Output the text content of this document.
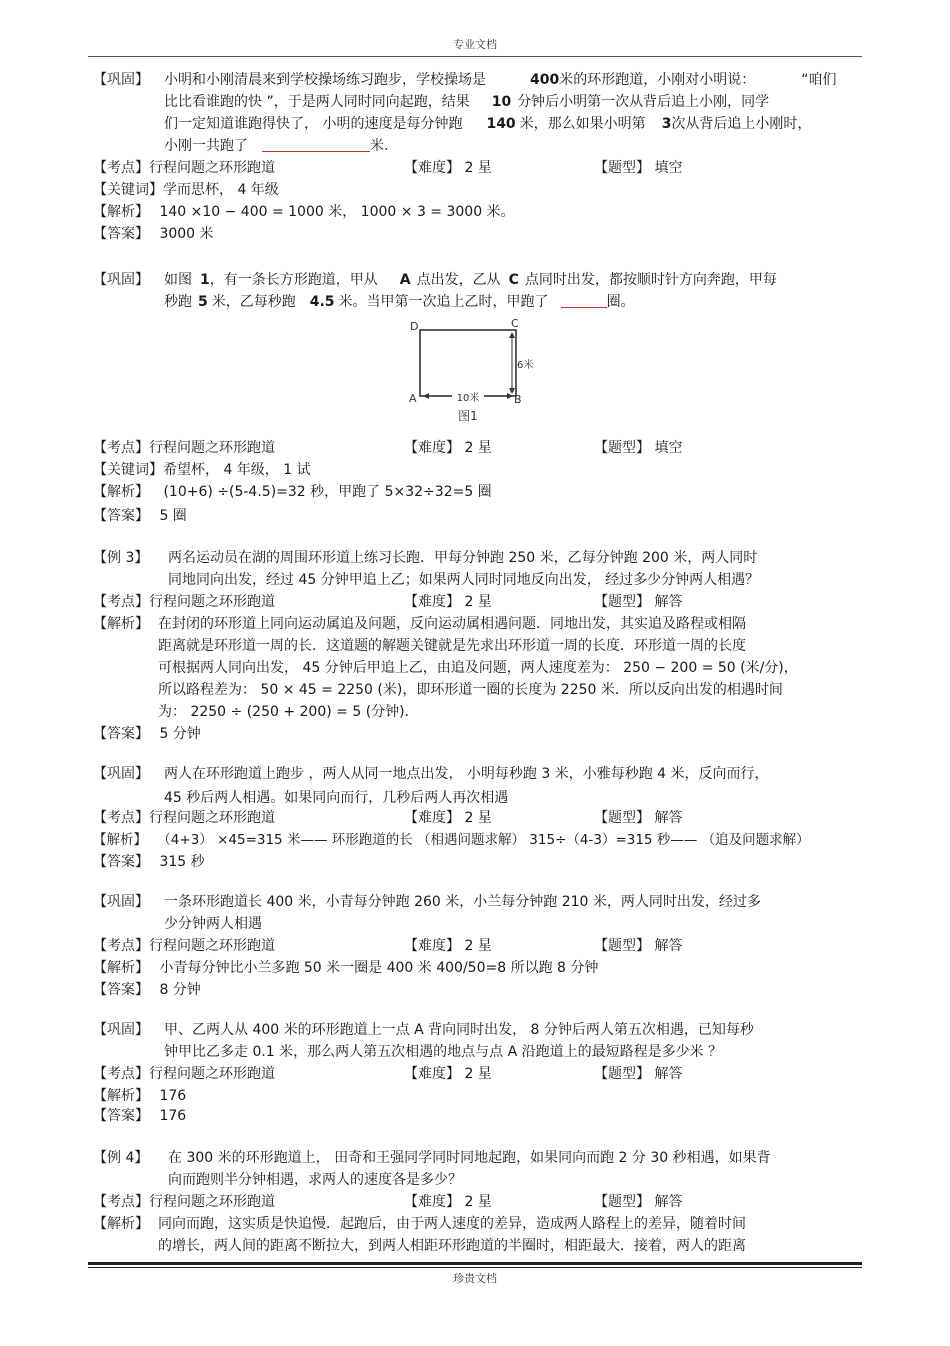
专业文档
【巩固】 小明和小刚清晨来到学校操场练习跑步，学校操场是	400米的环形跑道，小刚对小明说：	“咱们
比比看谁跑的快 ”，于是两人同时同向起跑，结果 10 分钟后小明第一次从背后追上小刚，同学
们一定知道谁跑得快了， 小明的速度是每分钟跑 140 米，那么如果小明第 3次从背后追上小刚时，
小刚一共跑了	米.
【考点】行程问题之环形跑道	【难度】 2 星	【题型】 填空
【关键词】学而思杯， 4 年级
【解析】 140 ×10 − 400 = 1000 米， 1000 × 3 = 3000 米。
【答案】 3000 米
【巩固】 如图 1，有一条长方形跑道，甲从 A 点出发，乙从 C 点同时出发，都按顺时针方向奔跑，甲每
秒跑 5 米，乙每秒跑 4.5 米。当甲第一次追上乙时，甲跑了	圈。
D	C
A	B
6米
10米
图1
【考点】行程问题之环形跑道	【难度】 2 星	【题型】 填空
【关键词】希望杯， 4 年级， 1 试
【解析】 (10+6) ÷(5-4.5)=32 秒，甲跑了 5×32÷32=5 圈
【答案】 5 圈
【例 3】 两名运动员在湖的周围环形道上练习长跑．甲每分钟跑 250 米，乙每分钟跑 200 米，两人同时
同地同向出发，经过 45 分钟甲追上乙；如果两人同时同地反向出发， 经过多少分钟两人相遇？
【考点】行程问题之环形跑道	【难度】 2 星	【题型】 解答
【解析】 在封闭的环形道上同向运动属追及问题，反向运动属相遇问题．同地出发，其实追及路程或相隔
距离就是环形道一周的长．这道题的解题关键就是先求出环形道一周的长度．环形道一周的长度
可根据两人同向出发， 45 分钟后甲追上乙，由追及问题，两人速度差为： 250 − 200 = 50 (米/分)，
所以路程差为： 50 × 45 = 2250 (米)，即环形道一圈的长度为 2250 米．所以反向出发的相遇时间
为： 2250 ÷ (250 + 200) = 5 (分钟)．
【答案】 5 分钟
【巩固】 两人在环形跑道上跑步 ，两人从同一地点出发， 小明每秒跑 3 米，小雅每秒跑 4 米，反向而行，
45 秒后两人相遇。如果同向而行，几秒后两人再次相遇
【考点】行程问题之环形跑道	【难度】 2 星	【题型】 解答
【解析】 （4+3） ×45=315 米—— 环形跑道的长 （相遇问题求解） 315÷（4-3）=315 秒—— （追及问题求解）
【答案】 315 秒
【巩固】 一条环形跑道长 400 米，小青每分钟跑 260 米，小兰每分钟跑 210 米，两人同时出发，经过多
少分钟两人相遇
【考点】行程问题之环形跑道	【难度】 2 星	【题型】 解答
【解析】 小青每分钟比小兰多跑 50 米一圈是 400 米 400/50=8 所以跑 8 分钟
【答案】 8 分钟
【巩固】 甲、乙两人从 400 米的环形跑道上一点 A 背向同时出发， 8 分钟后两人第五次相遇，已知每秒
钟甲比乙多走 0.1 米，那么两人第五次相遇的地点与点 A 沿跑道上的最短路程是多少米 ？
【考点】行程问题之环形跑道	【难度】 2 星	【题型】 解答
【解析】 176
【答案】 176
【例 4】 在 300 米的环形跑道上， 田奇和王强同学同时同地起跑，如果同向而跑 2 分 30 秒相遇，如果背
向而跑则半分钟相遇，求两人的速度各是多少？
【考点】行程问题之环形跑道	【难度】 2 星	【题型】 解答
【解析】 同向而跑，这实质是快追慢．起跑后，由于两人速度的差异，造成两人路程上的差异，随着时间
的增长，两人间的距离不断拉大，到两人相距环形跑道的半圈时，相距最大．接着，两人的距离
珍贵文档
